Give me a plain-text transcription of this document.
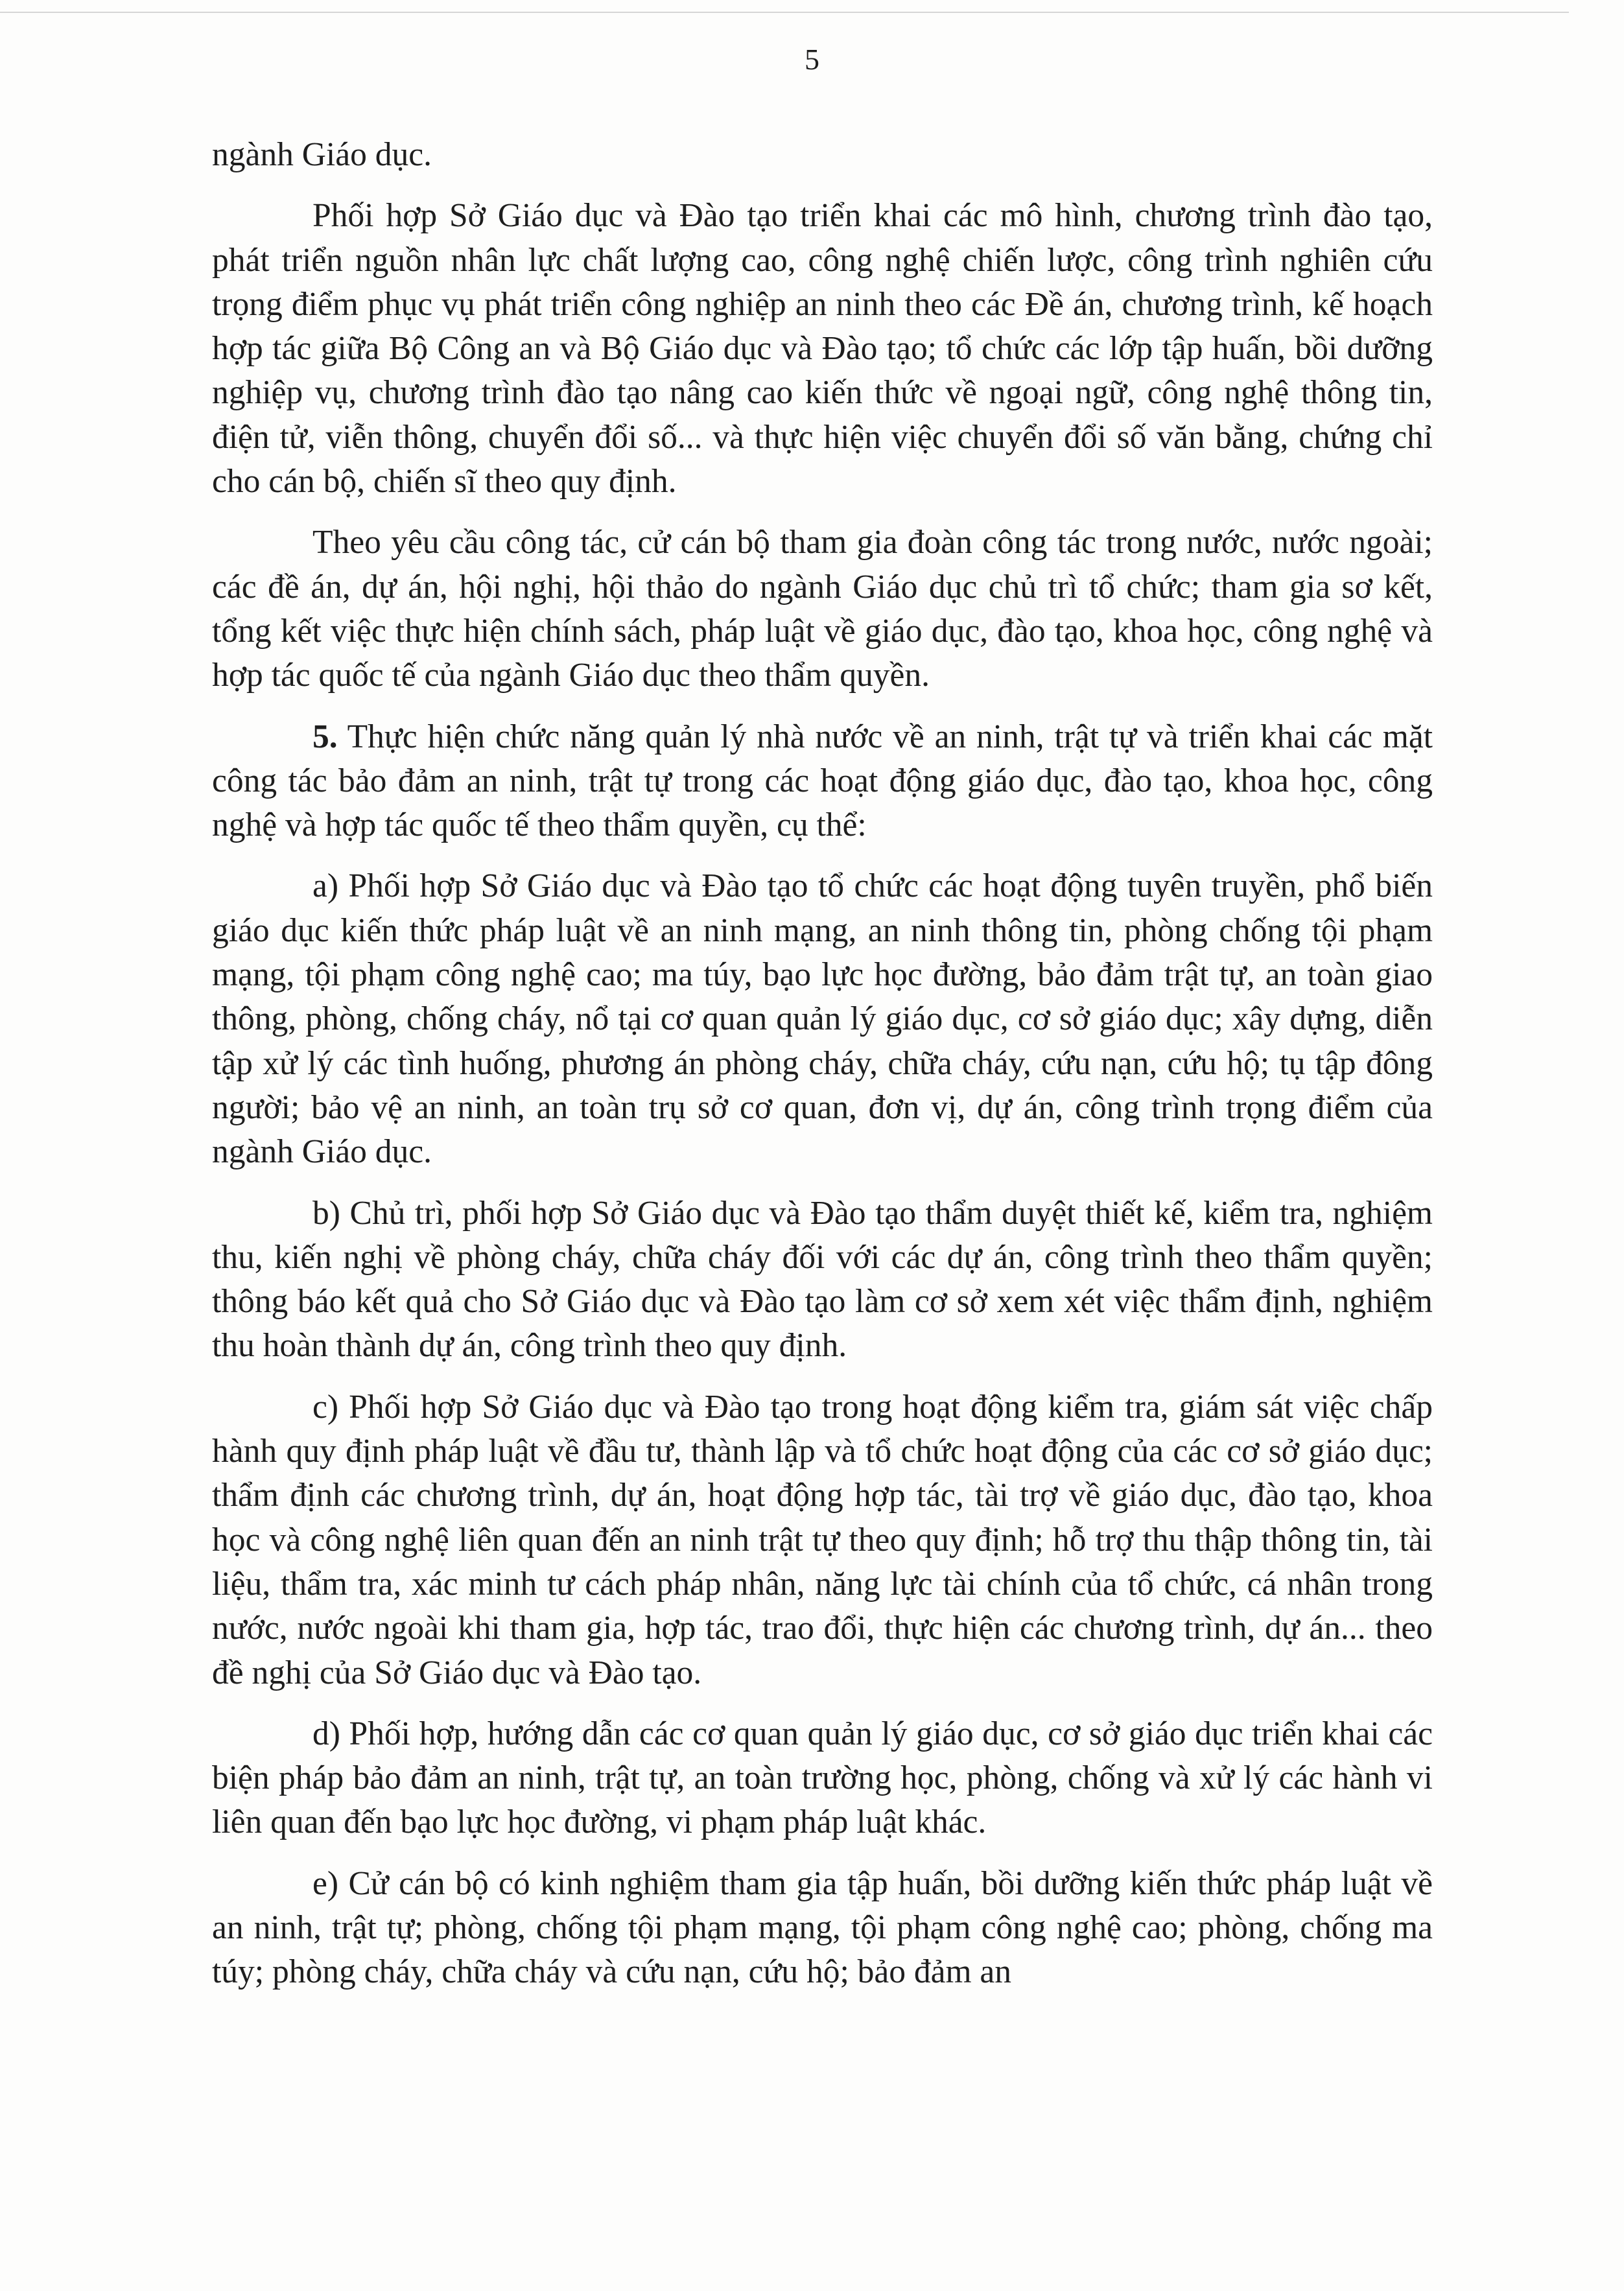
5

ngành Giáo dục.

Phối hợp Sở Giáo dục và Đào tạo triển khai các mô hình, chương trình đào tạo, phát triển nguồn nhân lực chất lượng cao, công nghệ chiến lược, công trình nghiên cứu trọng điểm phục vụ phát triển công nghiệp an ninh theo các Đề án, chương trình, kế hoạch hợp tác giữa Bộ Công an và Bộ Giáo dục và Đào tạo; tổ chức các lớp tập huấn, bồi dưỡng nghiệp vụ, chương trình đào tạo nâng cao kiến thức về ngoại ngữ, công nghệ thông tin, điện tử, viễn thông, chuyển đổi số... và thực hiện việc chuyển đổi số văn bằng, chứng chỉ cho cán bộ, chiến sĩ theo quy định.

Theo yêu cầu công tác, cử cán bộ tham gia đoàn công tác trong nước, nước ngoài; các đề án, dự án, hội nghị, hội thảo do ngành Giáo dục chủ trì tổ chức; tham gia sơ kết, tổng kết việc thực hiện chính sách, pháp luật về giáo dục, đào tạo, khoa học, công nghệ và hợp tác quốc tế của ngành Giáo dục theo thẩm quyền.

5. Thực hiện chức năng quản lý nhà nước về an ninh, trật tự và triển khai các mặt công tác bảo đảm an ninh, trật tự trong các hoạt động giáo dục, đào tạo, khoa học, công nghệ và hợp tác quốc tế theo thẩm quyền, cụ thể:

a) Phối hợp Sở Giáo dục và Đào tạo tổ chức các hoạt động tuyên truyền, phổ biến giáo dục kiến thức pháp luật về an ninh mạng, an ninh thông tin, phòng chống tội phạm mạng, tội phạm công nghệ cao; ma túy, bạo lực học đường, bảo đảm trật tự, an toàn giao thông, phòng, chống cháy, nổ tại cơ quan quản lý giáo dục, cơ sở giáo dục; xây dựng, diễn tập xử lý các tình huống, phương án phòng cháy, chữa cháy, cứu nạn, cứu hộ; tụ tập đông người; bảo vệ an ninh, an toàn trụ sở cơ quan, đơn vị, dự án, công trình trọng điểm của ngành Giáo dục.

b) Chủ trì, phối hợp Sở Giáo dục và Đào tạo thẩm duyệt thiết kế, kiểm tra, nghiệm thu, kiến nghị về phòng cháy, chữa cháy đối với các dự án, công trình theo thẩm quyền; thông báo kết quả cho Sở Giáo dục và Đào tạo làm cơ sở xem xét việc thẩm định, nghiệm thu hoàn thành dự án, công trình theo quy định.

c) Phối hợp Sở Giáo dục và Đào tạo trong hoạt động kiểm tra, giám sát việc chấp hành quy định pháp luật về đầu tư, thành lập và tổ chức hoạt động của các cơ sở giáo dục; thẩm định các chương trình, dự án, hoạt động hợp tác, tài trợ về giáo dục, đào tạo, khoa học và công nghệ liên quan đến an ninh trật tự theo quy định; hỗ trợ thu thập thông tin, tài liệu, thẩm tra, xác minh tư cách pháp nhân, năng lực tài chính của tổ chức, cá nhân trong nước, nước ngoài khi tham gia, hợp tác, trao đổi, thực hiện các chương trình, dự án... theo đề nghị của Sở Giáo dục và Đào tạo.

d) Phối hợp, hướng dẫn các cơ quan quản lý giáo dục, cơ sở giáo dục triển khai các biện pháp bảo đảm an ninh, trật tự, an toàn trường học, phòng, chống và xử lý các hành vi liên quan đến bạo lực học đường, vi phạm pháp luật khác.

e) Cử cán bộ có kinh nghiệm tham gia tập huấn, bồi dưỡng kiến thức pháp luật về an ninh, trật tự; phòng, chống tội phạm mạng, tội phạm công nghệ cao; phòng, chống ma túy; phòng cháy, chữa cháy và cứu nạn, cứu hộ; bảo đảm an
